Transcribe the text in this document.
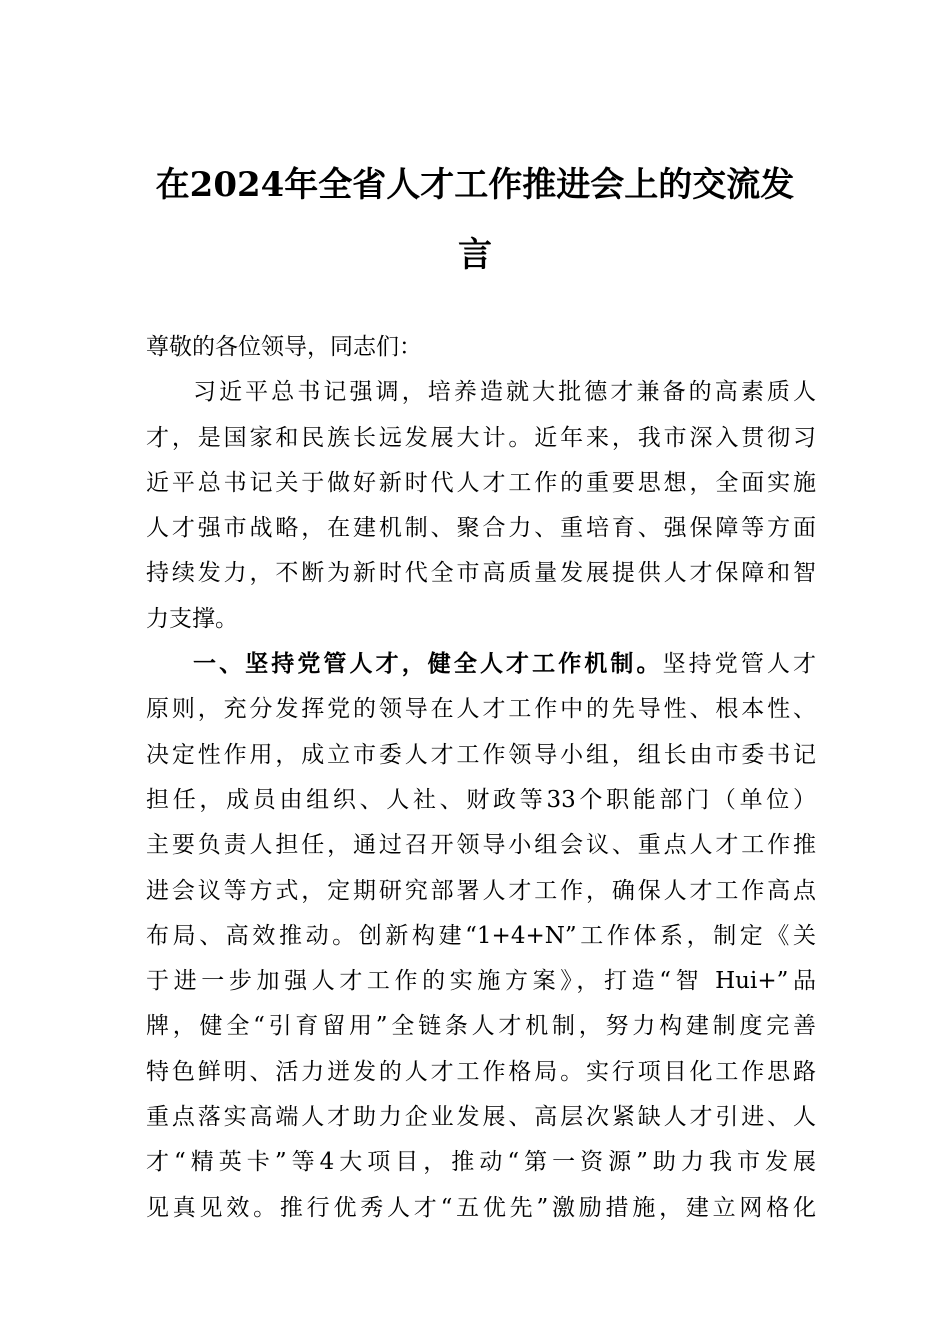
在2024年全省人才工作推进会上的交流发
言
尊敬的各位领导，同志们：
习近平总书记强调，培养造就大批德才兼备的高素质人
才，是国家和民族长远发展大计。近年来，我市深入贯彻习
近平总书记关于做好新时代人才工作的重要思想，全面实施
人才强市战略，在建机制、聚合力、重培育、强保障等方面
持续发力，不断为新时代全市高质量发展提供人才保障和智
力支撑。
一、坚持党管人才，健全人才工作机制。坚持党管人才
原则，充分发挥党的领导在人才工作中的先导性、根本性、
决定性作用，成立市委人才工作领导小组，组长由市委书记
担任，成员由组织、人社、财政等33个职能部门（单位）
主要负责人担任，通过召开领导小组会议、重点人才工作推
进会议等方式，定期研究部署人才工作，确保人才工作高点
布局、高效推动。创新构建“1+4+N”工作体系，制定《关
于进一步加强人才工作的实施方案》，打造“智 Hui+”品
牌，健全“引育留用”全链条人才机制，努力构建制度完善
特色鲜明、活力迸发的人才工作格局。实行项目化工作思路
重点落实高端人才助力企业发展、高层次紧缺人才引进、人
才“精英卡”等4大项目，推动“第一资源”助力我市发展
见真见效。推行优秀人才“五优先”激励措施，建立网格化
